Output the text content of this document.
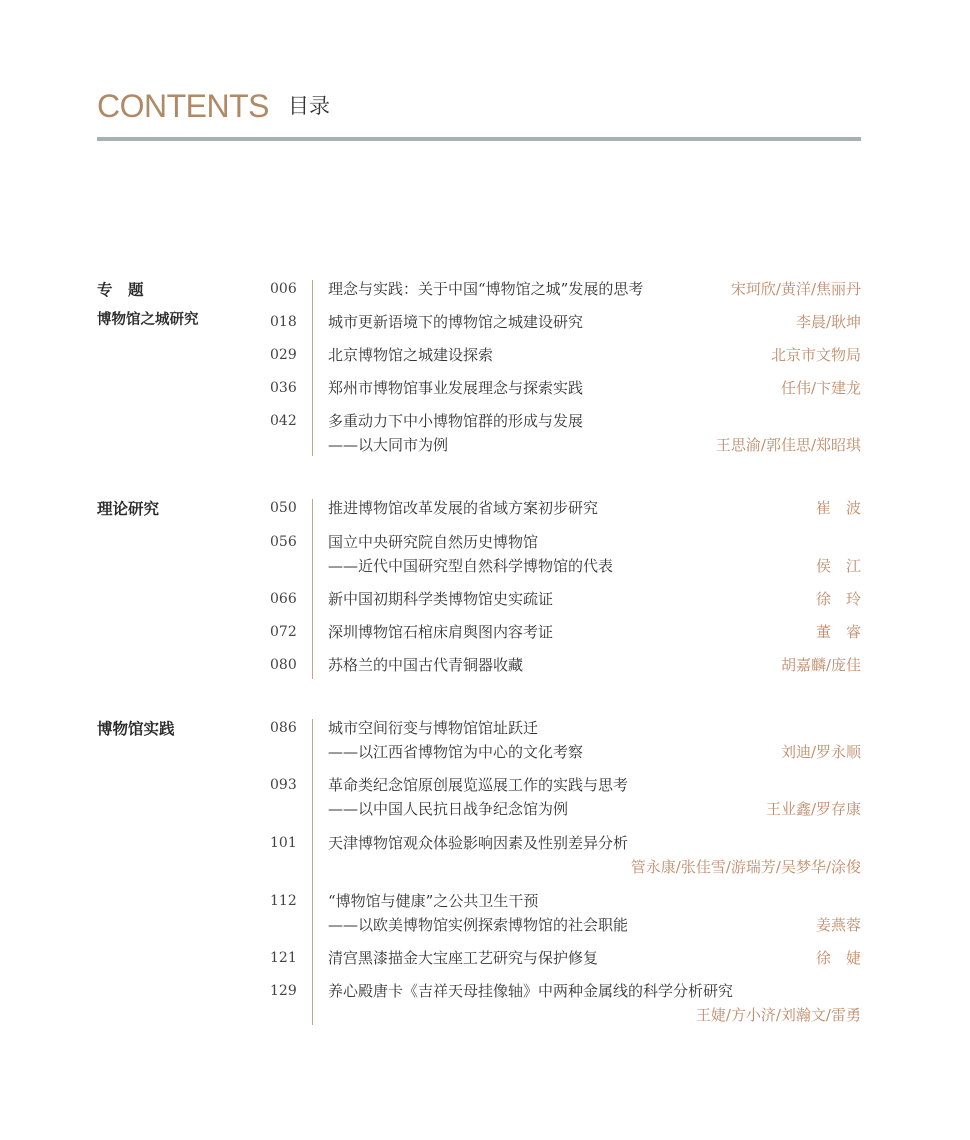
CONTENTS 目录
专　题
博物馆之城研究
006 理念与实践：关于中国“博物馆之城”发展的思考	宋珂欣/黄洋/焦丽丹
018 城市更新语境下的博物馆之城建设研究	李晨/耿坤
029 北京博物馆之城建设探索	北京市文物局
036 郑州市博物馆事业发展理念与探索实践	任伟/卞建龙
042 多重动力下中小博物馆群的形成与发展
——以大同市为例	王思渝/郭佳思/郑昭琪
理论研究	050 推进博物馆改革发展的省域方案初步研究	崔　波
056 国立中央研究院自然历史博物馆
——近代中国研究型自然科学博物馆的代表	侯　江
066 新中国初期科学类博物馆史实疏证	徐　玲
072 深圳博物馆石棺床肩舆图内容考证	董　睿
080 苏格兰的中国古代青铜器收藏	胡嘉麟/庞佳
博物馆实践	086 城市空间衍变与博物馆馆址跃迁
——以江西省博物馆为中心的文化考察	刘迪/罗永顺
093 革命类纪念馆原创展览巡展工作的实践与思考
——以中国人民抗日战争纪念馆为例	王业鑫/罗存康
101 天津博物馆观众体验影响因素及性别差异分析
管永康/张佳雪/游瑞芳/吴梦华/涂俊
112 “博物馆与健康”之公共卫生干预
——以欧美博物馆实例探索博物馆的社会职能	姜燕蓉
121 清宫黑漆描金大宝座工艺研究与保护修复	徐　婕
129 养心殿唐卡《吉祥天母挂像轴》中两种金属线的科学分析研究
王婕/方小济/刘瀚文/雷勇
